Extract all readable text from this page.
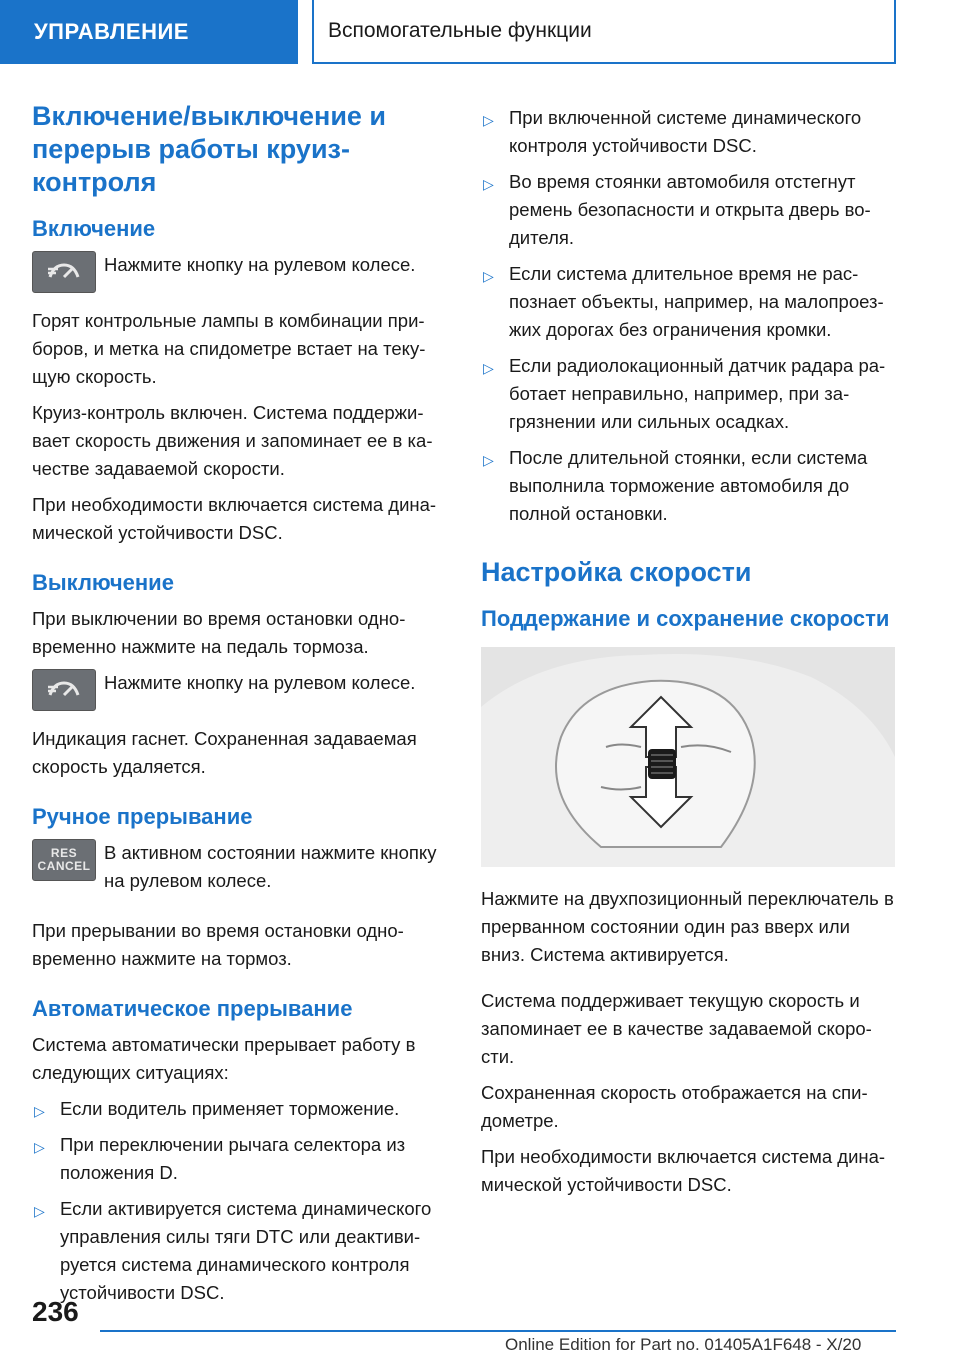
УПРАВЛЕНИЕ	Вспомогательные функции
Включение/выключение и перерыв работы круиз-контроля
Включение

Нажмите кнопку на рулевом колесе.

Горят контрольные лампы в комбинации при-боров, и метка на спидометре встает на теку-щую скорость.

Круиз-контроль включен. Система поддержи-вает скорость движения и запоминает ее в ка-честве задаваемой скорости.

При необходимости включается система дина-мической устойчивости DSC.

Выключение

При выключении во время остановки одно-временно нажмите на педаль тормоза.

Нажмите кнопку на рулевом колесе.

Индикация гаснет. Сохраненная задаваемая скорость удаляется.

Ручное прерывание
RES
CANCEL

В активном состоянии нажмите кнопку на рулевом колесе.

При прерывании во время остановки одно-временно нажмите на тормоз.

Автоматическое прерывание

Система автоматически прерывает работу в следующих ситуациях:

▷ Если водитель применяет торможение.
▷ При переключении рычага селектора из положения D.
▷ Если активируется система динамического управления силы тяги DTC или деактиви-руется система динамического контроля устойчивости DSC.
▷ При включенной системе динамического контроля устойчивости DSC.
▷ Во время стоянки автомобиля отстегнут ремень безопасности и открыта дверь во-дителя.
▷ Если система длительное время не рас-познает объекты, например, на малопроез-жих дорогах без ограничения кромки.
▷ Если радиолокационный датчик радара ра-ботает неправильно, например, при за-грязнении или сильных осадках.
▷ После длительной стоянки, если система выполнила торможение автомобиля до полной остановки.
Настройка скорости
Поддержание и сохранение скорости

Нажмите на двухпозиционный переключатель в прерванном состоянии один раз вверх или вниз. Система активируется.

Система поддерживает текущую скорость и запоминает ее в качестве задаваемой скоро-сти.

Сохраненная скорость отображается на спи-дометре.

При необходимости включается система дина-мической устойчивости DSC.

236
Online Edition for Part no. 01405A1F648 - X/20
